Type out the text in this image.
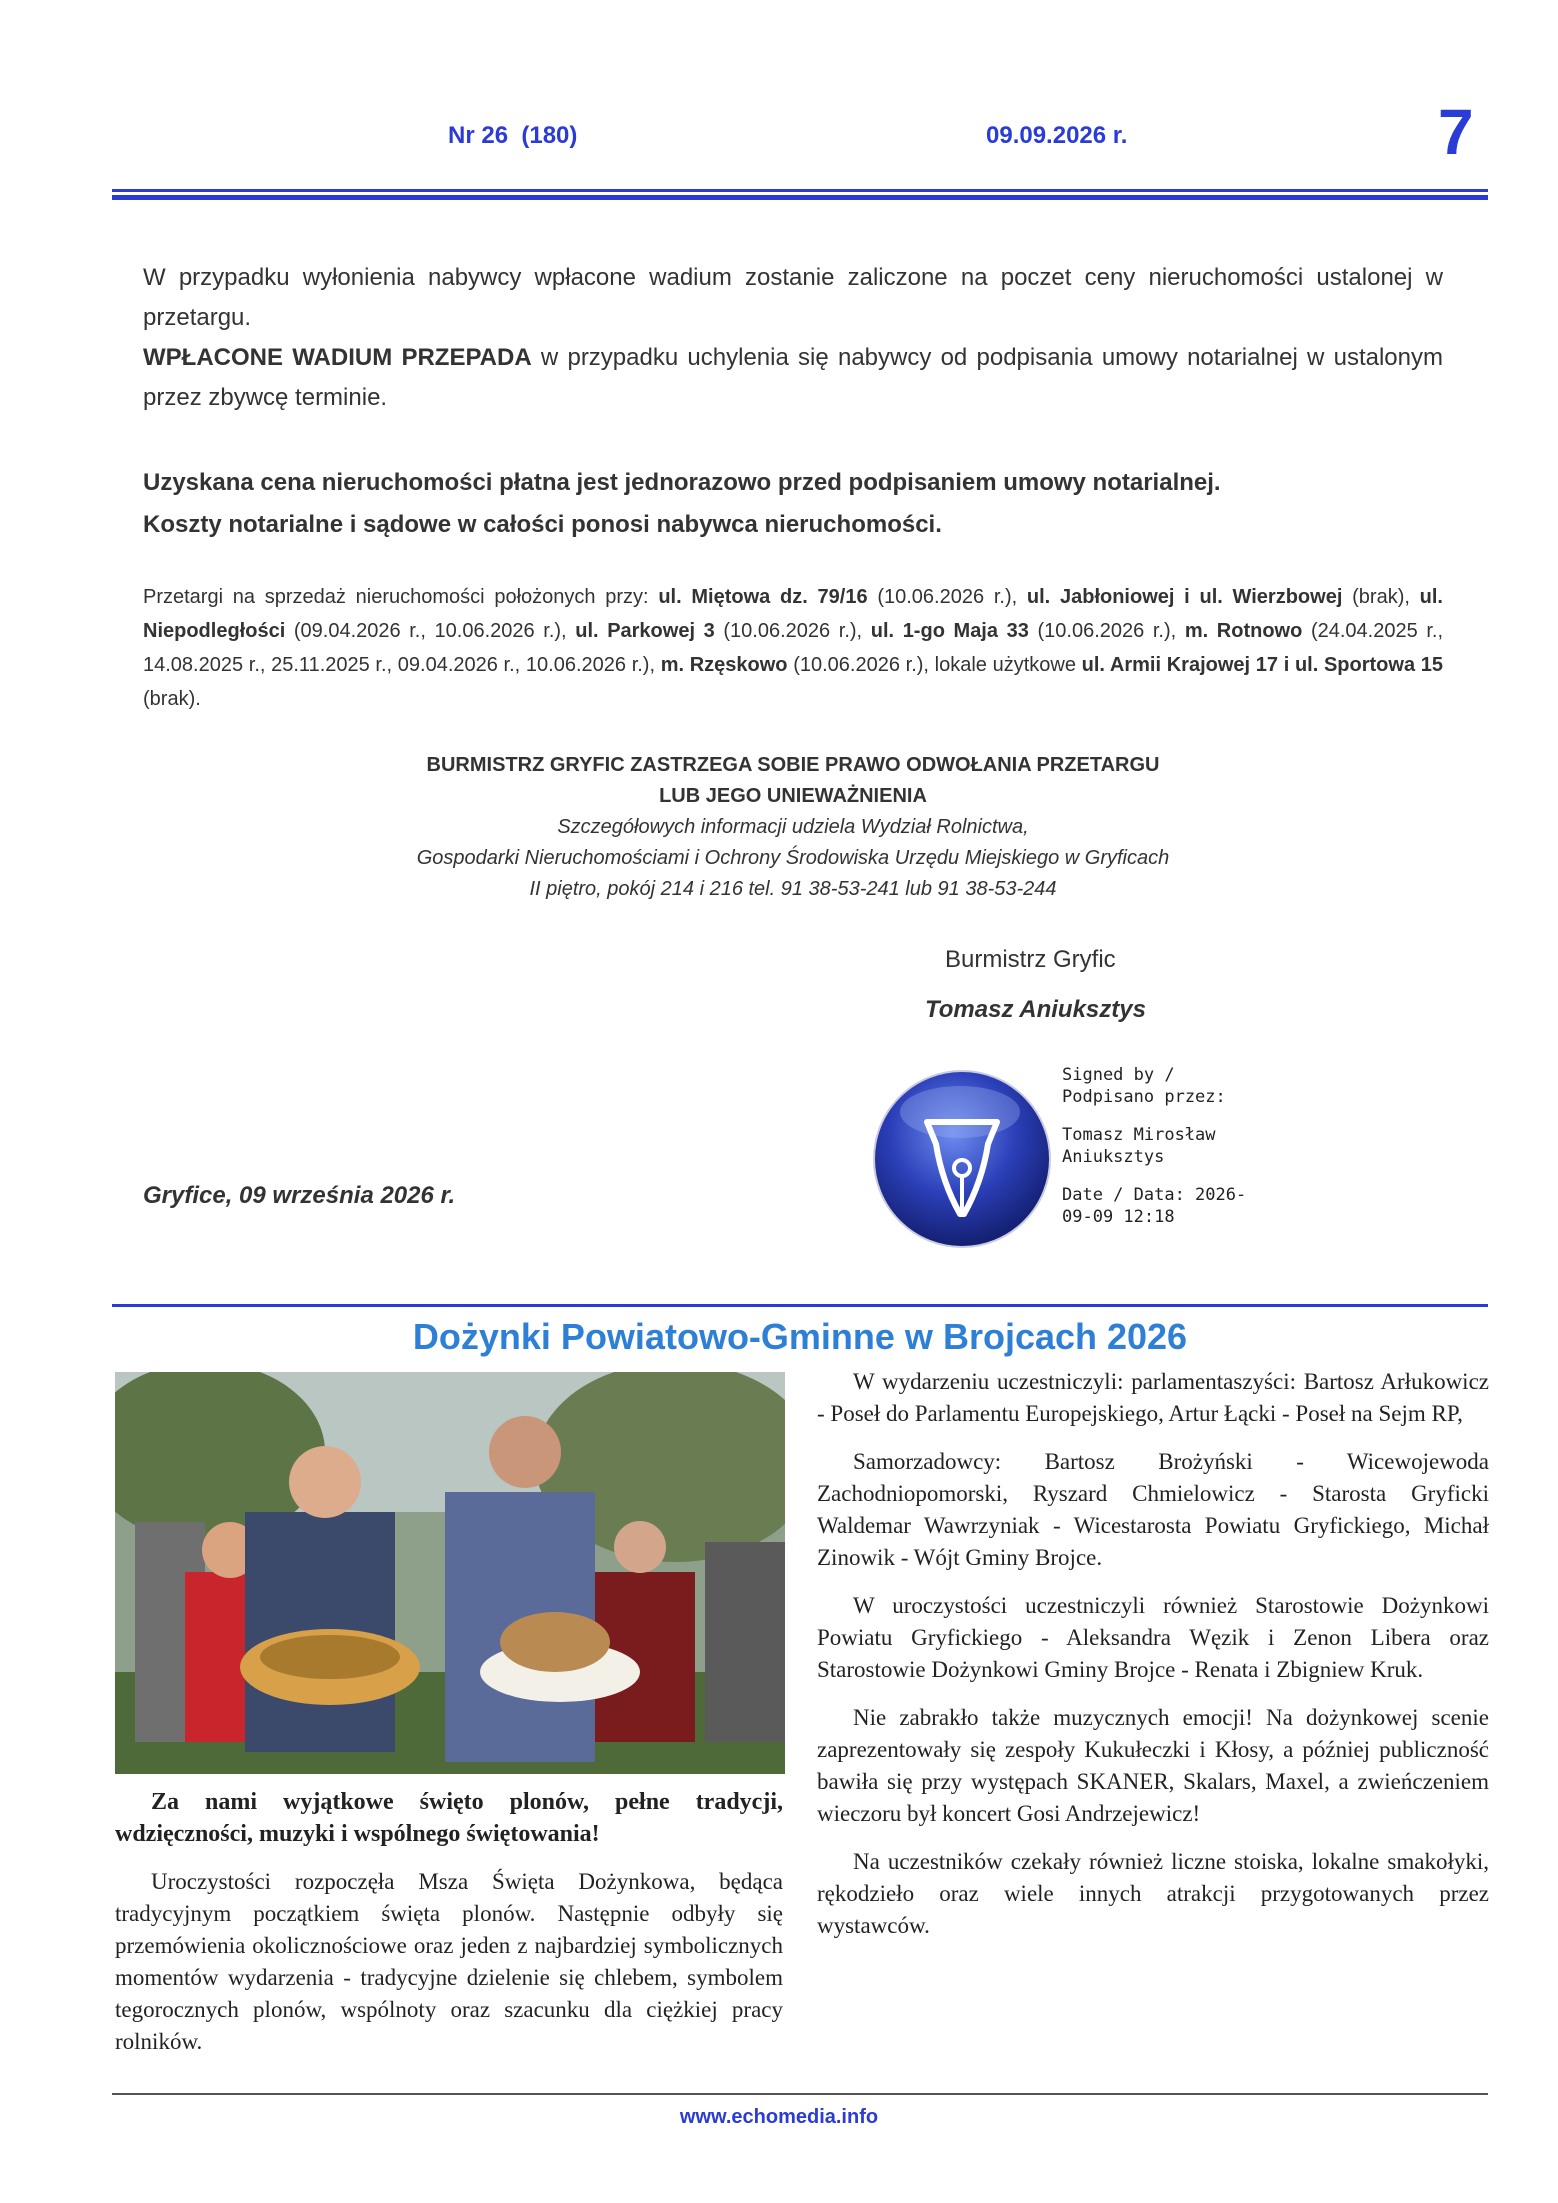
Nr 26  (180)	09.09.2026 r.	7
W przypadku wyłonienia nabywcy wpłacone wadium zostanie zaliczone na poczet ceny nieruchomości ustalonej w przetargu.
WPŁACONE WADIUM PRZEPADA w przypadku uchylenia się nabywcy od podpisania umowy notarialnej w ustalonym przez zbywcę terminie.
Uzyskana cena nieruchomości płatna jest jednorazowo przed podpisaniem umowy notarialnej.
Koszty notarialne i sądowe w całości ponosi nabywca nieruchomości.
Przetargi na sprzedaż nieruchomości położonych przy: ul. Miętowa dz. 79/16 (10.06.2026 r.), ul. Jabłoniowej i ul. Wierzbowej (brak), ul. Niepodległości (09.04.2026 r., 10.06.2026 r.), ul. Parkowej 3 (10.06.2026 r.), ul. 1-go Maja 33 (10.06.2026 r.), m. Rotnowo (24.04.2025 r., 14.08.2025 r., 25.11.2025 r., 09.04.2026 r., 10.06.2026 r.), m. Rzęskowo (10.06.2026 r.), lokale użytkowe ul. Armii Krajowej 17 i ul. Sportowa 15 (brak).
BURMISTRZ GRYFIC ZASTRZEGA SOBIE PRAWO ODWOŁANIA PRZETARGU
LUB JEGO UNIEWAŻNIENIA
Szczegółowych informacji udziela Wydział Rolnictwa,
Gospodarki Nieruchomościami i Ochrony Środowiska Urzędu Miejskiego w Gryficach
II piętro, pokój 214 i 216 tel. 91 38-53-241 lub 91 38-53-244
Burmistrz Gryfic
Tomasz Aniuksztys
Gryfice, 09 września 2026 r.
Signed by /
Podpisano przez:
Tomasz Mirosław
Aniuksztys
Date / Data: 2026-
09-09 12:18
Dożynki Powiatowo-Gminne w Brojcach 2026
Za nami wyjątkowe święto plonów, pełne tradycji, wdzięczności, muzyki i wspólnego świętowania!

Uroczystości rozpoczęła Msza Święta Dożynkowa, będąca tradycyjnym początkiem święta plonów. Następnie odbyły się przemówienia okolicznościowe oraz jeden z najbardziej symbolicznych momentów wydarzenia - tradycyjne dzielenie się chlebem, symbolem tegorocznych plonów, wspólnoty oraz szacunku dla ciężkiej pracy rolników.

W wydarzeniu uczestniczyli: parlamentaszyści: Bartosz Arłukowicz - Poseł do Parlamentu Europejskiego, Artur Łącki - Poseł na Sejm RP,

Samorzadowcy: Bartosz Brożyński - Wicewojewoda Zachodniopomorski, Ryszard Chmielowicz - Starosta Gryficki Waldemar Wawrzyniak - Wicestarosta Powiatu Gryfickiego, Michał Zinowik - Wójt Gminy Brojce.

W uroczystości uczestniczyli również Starostowie Dożynkowi Powiatu Gryfickiego - Aleksandra Węzik i Zenon Libera oraz Starostowie Dożynkowi Gminy Brojce - Renata i Zbigniew Kruk.

Nie zabrakło także muzycznych emocji! Na dożynkowej scenie zaprezentowały się zespoły Kukułeczki i Kłosy, a później publiczność bawiła się przy występach SKANER, Skalars, Maxel, a zwieńczeniem wieczoru był koncert Gosi Andrzejewicz!

Na uczestników czekały również liczne stoiska, lokalne smakołyki, rękodzieło oraz wiele innych atrakcji przygotowanych przez wystawców.

www.echomedia.info
